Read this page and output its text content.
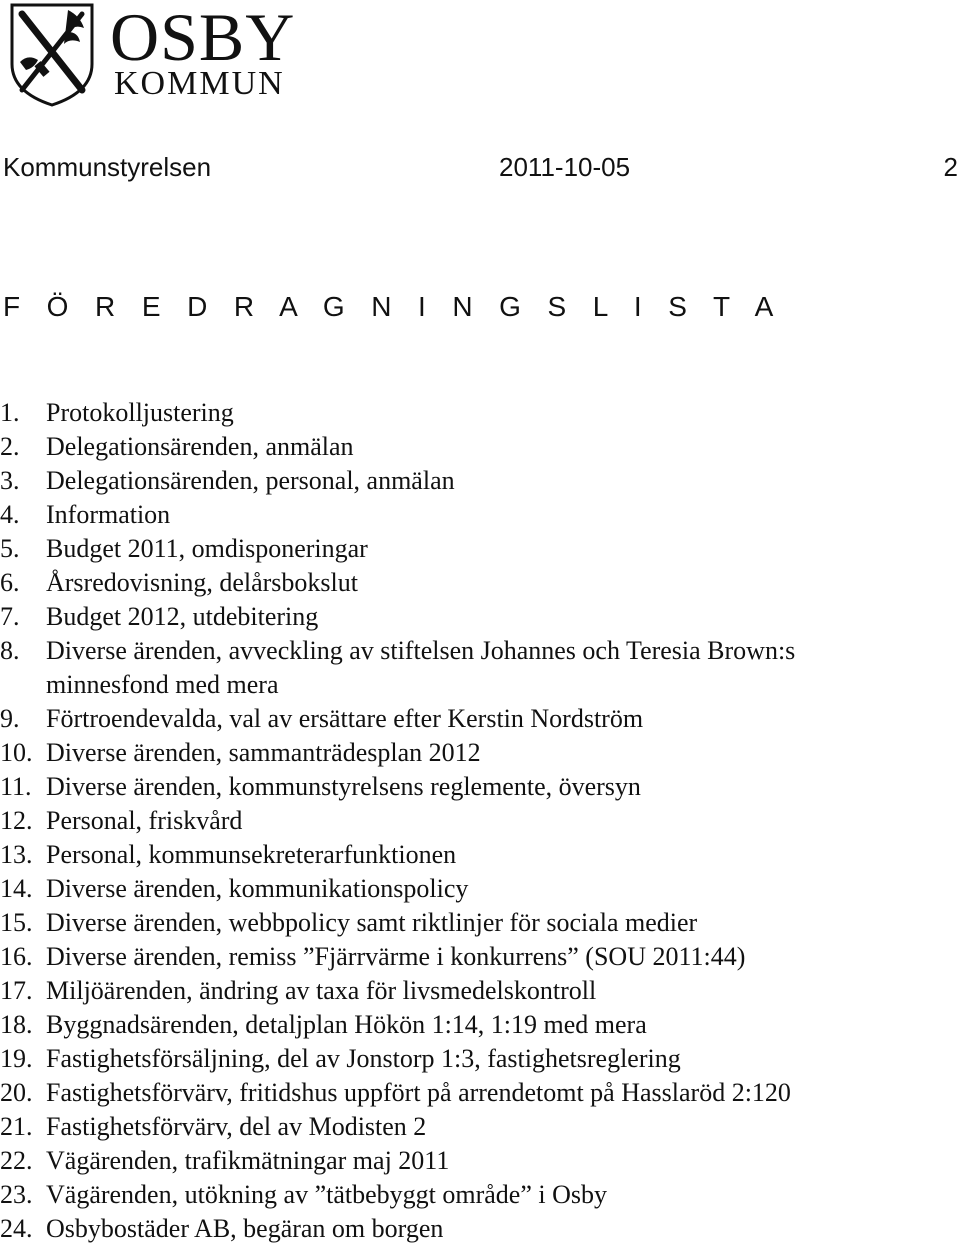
OSBY
KOMMUN
Kommunstyrelsen	2011-10-05	2
F Ö R E D R A G N I N G S L I S T A
1. Protokolljustering
2. Delegationsärenden, anmälan
3. Delegationsärenden, personal, anmälan
4. Information
5. Budget 2011, omdisponeringar
6. Årsredovisning, delårsbokslut
7. Budget 2012, utdebitering
8. Diverse ärenden, avveckling av stiftelsen Johannes och Teresia Brown:s
minnesfond med mera
9. Förtroendevalda, val av ersättare efter Kerstin Nordström
10. Diverse ärenden, sammanträdesplan 2012
11. Diverse ärenden, kommunstyrelsens reglemente, översyn
12. Personal, friskvård
13. Personal, kommunsekreterarfunktionen
14. Diverse ärenden, kommunikationspolicy
15. Diverse ärenden, webbpolicy samt riktlinjer för sociala medier
16. Diverse ärenden, remiss ”Fjärrvärme i konkurrens” (SOU 2011:44)
17. Miljöärenden, ändring av taxa för livsmedelskontroll
18. Byggnadsärenden, detaljplan Hökön 1:14, 1:19 med mera
19. Fastighetsförsäljning, del av Jonstorp 1:3, fastighetsreglering
20. Fastighetsförvärv, fritidshus uppfört på arrendetomt på Hasslaröd 2:120
21. Fastighetsförvärv, del av Modisten 2
22. Vägärenden, trafikmätningar maj 2011
23. Vägärenden, utökning av ”tätbebyggt område” i Osby
24. Osbybostäder AB, begäran om borgen
